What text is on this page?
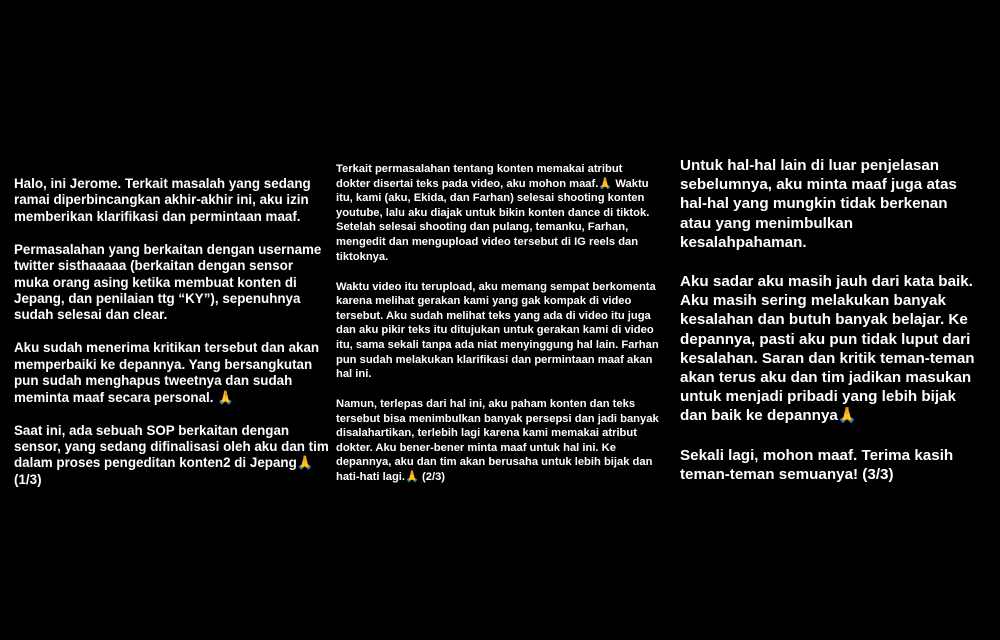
Halo, ini Jerome. Terkait masalah yang sedang
ramai diperbincangkan akhir-akhir ini, aku izin
memberikan klarifikasi dan permintaan maaf.

Permasalahan yang berkaitan dengan username
twitter sisthaaaaa (berkaitan dengan sensor
muka orang asing ketika membuat konten di
Jepang, dan penilaian ttg “KY”), sepenuhnya
sudah selesai dan clear.

Aku sudah menerima kritikan tersebut dan akan
memperbaiki ke depannya. Yang bersangkutan
pun sudah menghapus tweetnya dan sudah
meminta maaf secara personal. 🙏

Saat ini, ada sebuah SOP berkaitan dengan
sensor, yang sedang difinalisasi oleh aku dan tim
dalam proses pengeditan konten2 di Jepang🙏
(1/3)

Terkait permasalahan tentang konten memakai atribut
dokter disertai teks pada video, aku mohon maaf.🙏 Waktu
itu, kami (aku, Ekida, dan Farhan) selesai shooting konten
youtube, lalu aku diajak untuk bikin konten dance di tiktok.
Setelah selesai shooting dan pulang, temanku, Farhan,
mengedit dan mengupload video tersebut di IG reels dan
tiktoknya.

Waktu video itu terupload, aku memang sempat berkomenta
karena melihat gerakan kami yang gak kompak di video
tersebut. Aku sudah melihat teks yang ada di video itu juga
dan aku pikir teks itu ditujukan untuk gerakan kami di video
itu, sama sekali tanpa ada niat menyinggung hal lain. Farhan
pun sudah melakukan klarifikasi dan permintaan maaf akan
hal ini.

Namun, terlepas dari hal ini, aku paham konten dan teks
tersebut bisa menimbulkan banyak persepsi dan jadi banyak
disalahartikan, terlebih lagi karena kami memakai atribut
dokter. Aku bener-bener minta maaf untuk hal ini. Ke
depannya, aku dan tim akan berusaha untuk lebih bijak dan
hati-hati lagi.🙏 (2/3)

Untuk hal-hal lain di luar penjelasan
sebelumnya, aku minta maaf juga atas
hal-hal yang mungkin tidak berkenan
atau yang menimbulkan
kesalahpahaman.

Aku sadar aku masih jauh dari kata baik.
Aku masih sering melakukan banyak
kesalahan dan butuh banyak belajar. Ke
depannya, pasti aku pun tidak luput dari
kesalahan. Saran dan kritik teman-teman
akan terus aku dan tim jadikan masukan
untuk menjadi pribadi yang lebih bijak
dan baik ke depannya🙏

Sekali lagi, mohon maaf. Terima kasih
teman-teman semuanya! (3/3)
